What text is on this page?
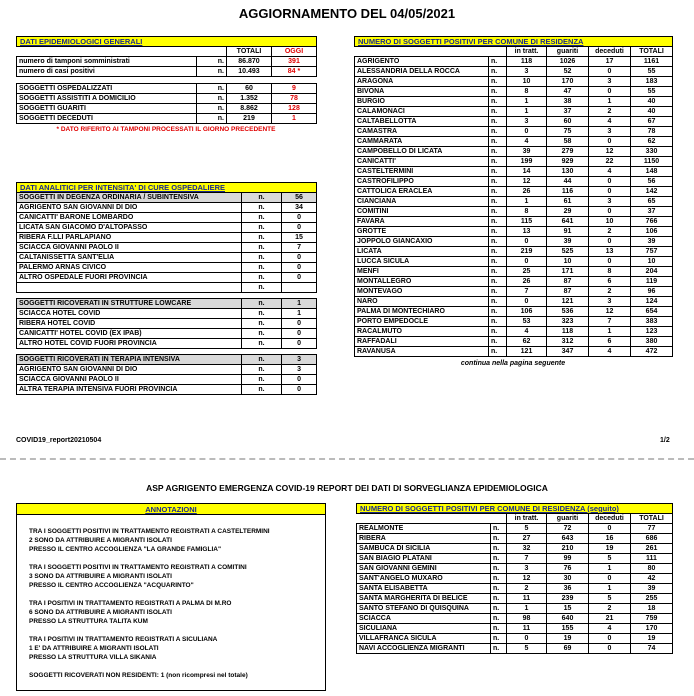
AGGIORNAMENTO DEL 04/05/2021
DATI EPIDEMIOLOGICI GENERALI			
		TOTALI	OGGI
numero di tamponi somministrati	n.	86.870	391
numero di casi positivi	n.	10.493	84 *
SOGGETTI OSPEDALIZZATI	n.	60	9
SOGGETTI ASSISTITI A DOMICILIO	n.	1.352	78
SOGGETTI GUARITI	n.	8.862	128
SOGGETTI DECEDUTI	n.	219	1
* DATO RIFERITO AI TAMPONI PROCESSATI IL GIORNO PRECEDENTE
DATI ANALITICI PER INTENSITA' DI CURE OSPEDALIERE		
SOGGETTI IN DEGENZA ORDINARIA / SUBINTENSIVA	n.	56
AGRIGENTO SAN GIOVANNI DI DIO	n.	34
CANICATTI' BARONE LOMBARDO	n.	0
LICATA SAN GIACOMO D'ALTOPASSO	n.	0
RIBERA F.LLI PARLAPIANO	n.	15
SCIACCA GIOVANNI PAOLO II	n.	7
CALTANISSETTA SANT'ELIA	n.	0
PALERMO ARNAS CIVICO	n.	0
ALTRO OSPEDALE FUORI PROVINCIA	n.	0
	n.	

SOGGETTI RICOVERATI IN STRUTTURE LOWCARE	n.	1
SCIACCA HOTEL COVID	n.	1
RIBERA HOTEL COVID	n.	0
CANICATTI' HOTEL COVID (EX IPAB)	n.	0
ALTRO HOTEL COVID FUORI PROVINCIA	n.	0

SOGGETTI RICOVERATI IN TERAPIA INTENSIVA	n.	3
AGRIGENTO SAN GIOVANNI DI DIO	n.	3
SCIACCA GIOVANNI PAOLO II	n.	0
ALTRA TERAPIA INTENSIVA FUORI PROVINCIA	n.	0
COVID19_report20210504
NUMERO DI SOGGETTI POSITIVI PER COMUNE DI RESIDENZA					
		in tratt.	guariti	deceduti	TOTALI
AGRIGENTO	n.	118	1026	17	1161
ALESSANDRIA DELLA ROCCA	n.	3	52	0	55
ARAGONA	n.	10	170	3	183
BIVONA	n.	8	47	0	55
BURGIO	n.	1	38	1	40
CALAMONACI	n.	1	37	2	40
CALTABELLOTTA	n.	3	60	4	67
CAMASTRA	n.	0	75	3	78
CAMMARATA	n.	4	58	0	62
CAMPOBELLO DI LICATA	n.	39	279	12	330
CANICATTI'	n.	199	929	22	1150
CASTELTERMINI	n.	14	130	4	148
CASTROFILIPPO	n.	12	44	0	56
CATTOLICA ERACLEA	n.	26	116	0	142
CIANCIANA	n.	1	61	3	65
COMITINI	n.	8	29	0	37
FAVARA	n.	115	641	10	766
GROTTE	n.	13	91	2	106
JOPPOLO GIANCAXIO	n.	0	39	0	39
LICATA	n.	219	525	13	757
LUCCA SICULA	n.	0	10	0	10
MENFI	n.	25	171	8	204
MONTALLEGRO	n.	26	87	6	119
MONTEVAGO	n.	7	87	2	96
NARO	n.	0	121	3	124
PALMA DI MONTECHIARO	n.	106	536	12	654
PORTO EMPEDOCLE	n.	53	323	7	383
RACALMUTO	n.	4	118	1	123
RAFFADALI	n.	62	312	6	380
RAVANUSA	n.	121	347	4	472
continua nella pagina seguente
1/2
ASP AGRIGENTO EMERGENZA COVID-19 REPORT DEI DATI DI SORVEGLIANZA EPIDEMIOLOGICA
ANNOTAZIONI
TRA I SOGGETTI POSITIVI IN TRATTAMENTO REGISTRATI A CASTELTERMINI
2 SONO DA ATTRIBUIRE A MIGRANTI ISOLATI
PRESSO IL CENTRO ACCOGLIENZA "LA GRANDE FAMIGLIA"
TRA I SOGGETTI POSITIVI IN TRATTAMENTO REGISTRATI A COMITINI
3 SONO DA ATTRIBUIRE A MIGRANTI ISOLATI
PRESSO IL CENTRO ACCOGLIENZA "ACQUARINTO"
TRA I POSITIVI IN TRATTAMENTO REGISTRATI A PALMA DI M.RO
6 SONO DA ATTRIBUIRE A MIGRANTI ISOLATI
PRESSO LA STRUTTURA TALITA KUM
TRA I POSITIVI IN TRATTAMENTO REGISTRATI A SICULIANA
1 E' DA ATTRIBUIRE A MIGRANTI ISOLATI
PRESSO LA STRUTTURA VILLA SIKANIA
SOGGETTI RICOVERATI NON RESIDENTI: 1 (non ricompresi nel totale)
NUMERO DI SOGGETTI POSITIVI PER COMUNE DI RESIDENZA (seguito)					
		in tratt.	guariti	deceduti	TOTALI
REALMONTE	n.	5	72	0	77
RIBERA	n.	27	643	16	686
SAMBUCA DI SICILIA	n.	32	210	19	261
SAN BIAGIO PLATANI	n.	7	99	5	111
SAN GIOVANNI GEMINI	n.	3	76	1	80
SANT'ANGELO MUXARO	n.	12	30	0	42
SANTA ELISABETTA	n.	2	36	1	39
SANTA MARGHERITA DI BELICE	n.	11	239	5	255
SANTO STEFANO DI QUISQUINA	n.	1	15	2	18
SCIACCA	n.	98	640	21	759
SICULIANA	n.	11	155	4	170
VILLAFRANCA SICULA	n.	0	19	0	19
NAVI ACCOGLIENZA MIGRANTI	n.	5	69	0	74
